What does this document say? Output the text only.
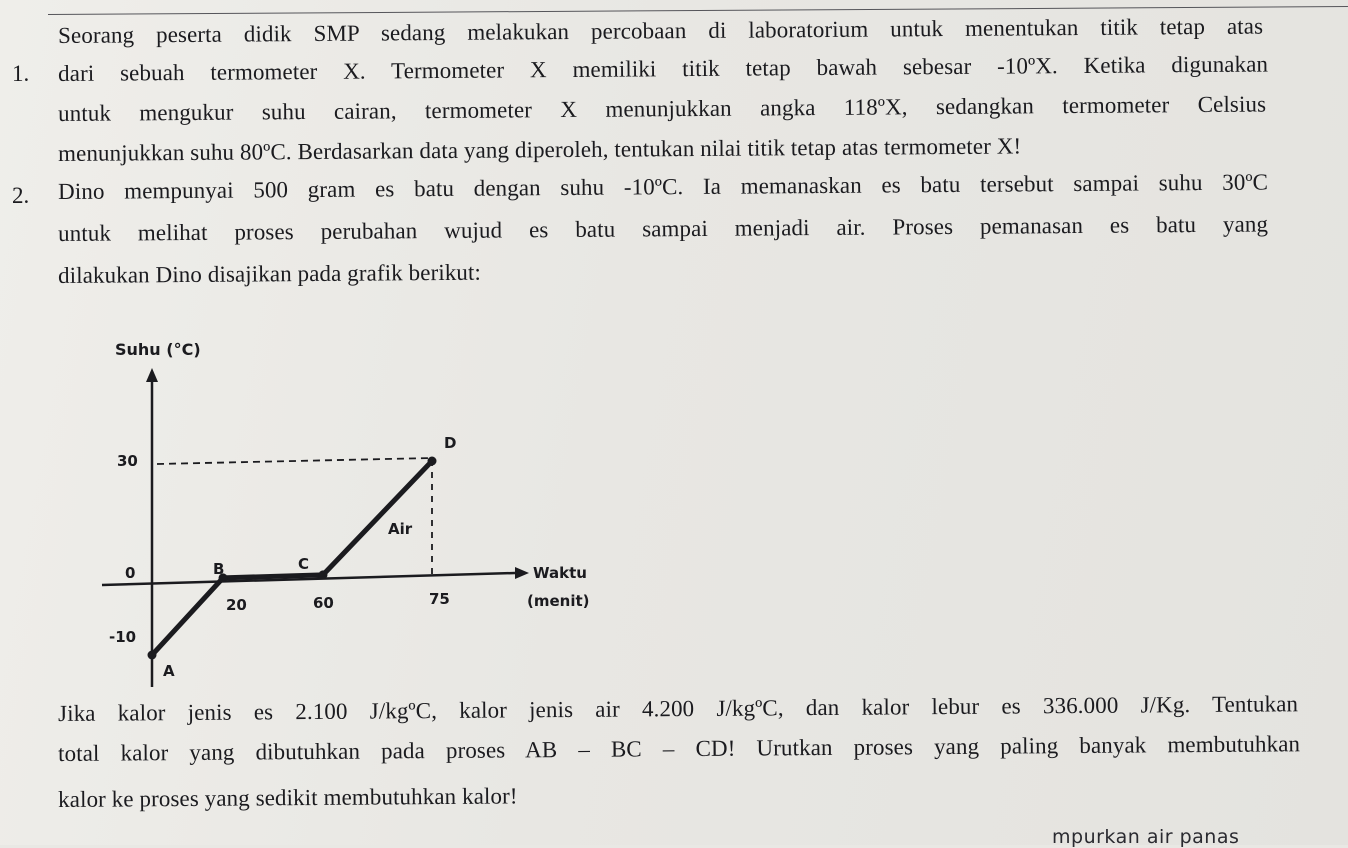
1.
Seorang peserta didik SMP sedang melakukan percobaan di laboratorium untuk menentukan titik tetap atas
dari sebuah termometer X. Termometer X memiliki titik tetap bawah sebesar -10ºX. Ketika digunakan
untuk mengukur suhu cairan, termometer X menunjukkan angka 118ºX, sedangkan termometer Celsius
menunjukkan suhu 80ºC. Berdasarkan data yang diperoleh, tentukan nilai titik tetap atas termometer X!
2. Dino mempunyai 500 gram es batu dengan suhu -10ºC. Ia memanaskan es batu tersebut sampai suhu 30ºC
untuk melihat proses perubahan wujud es batu sampai menjadi air. Proses pemanasan es batu yang
dilakukan Dino disajikan pada grafik berikut:
Suhu (°C)
30
0
-10
20	60	75
Waktu
(menit)
Air
B	C
D
A
Jika kalor jenis es 2.100 J/kgºC, kalor jenis air 4.200 J/kgºC, dan kalor lebur es 336.000 J/Kg. Tentukan
total kalor yang dibutuhkan pada proses AB – BC – CD! Urutkan proses yang paling banyak membutuhkan
kalor ke proses yang sedikit membutuhkan kalor!
mpurkan air panas
